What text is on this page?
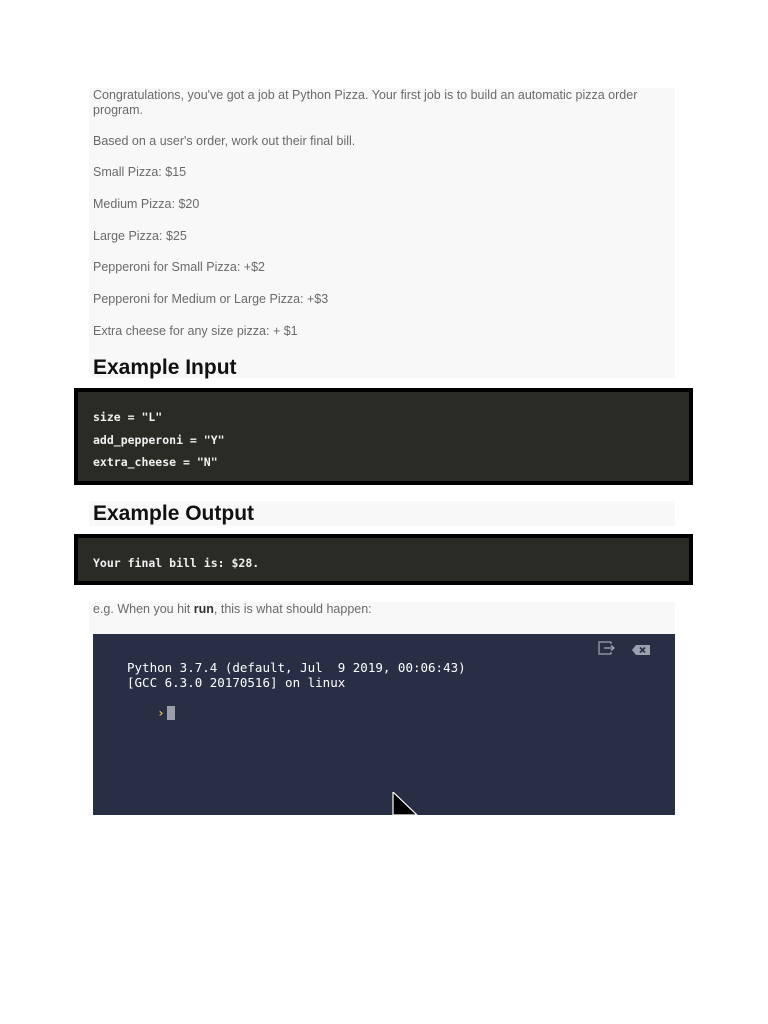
Congratulations, you've got a job at Python Pizza. Your first job is to build an automatic pizza order program.

Based on a user's order, work out their final bill.

Small Pizza: $15

Medium Pizza: $20

Large Pizza: $25

Pepperoni for Small Pizza: +$2

Pepperoni for Medium or Large Pizza: +$3

Extra cheese for any size pizza: + $1

Example Input
size = "L"
add_pepperoni = "Y"
extra_cheese = "N"
Example Output
Your final bill is: $28.

e.g. When you hit run, this is what should happen:

Python 3.7.4 (default, Jul  9 2019, 00:06:43)
[GCC 6.3.0 20170516] on linux

›
